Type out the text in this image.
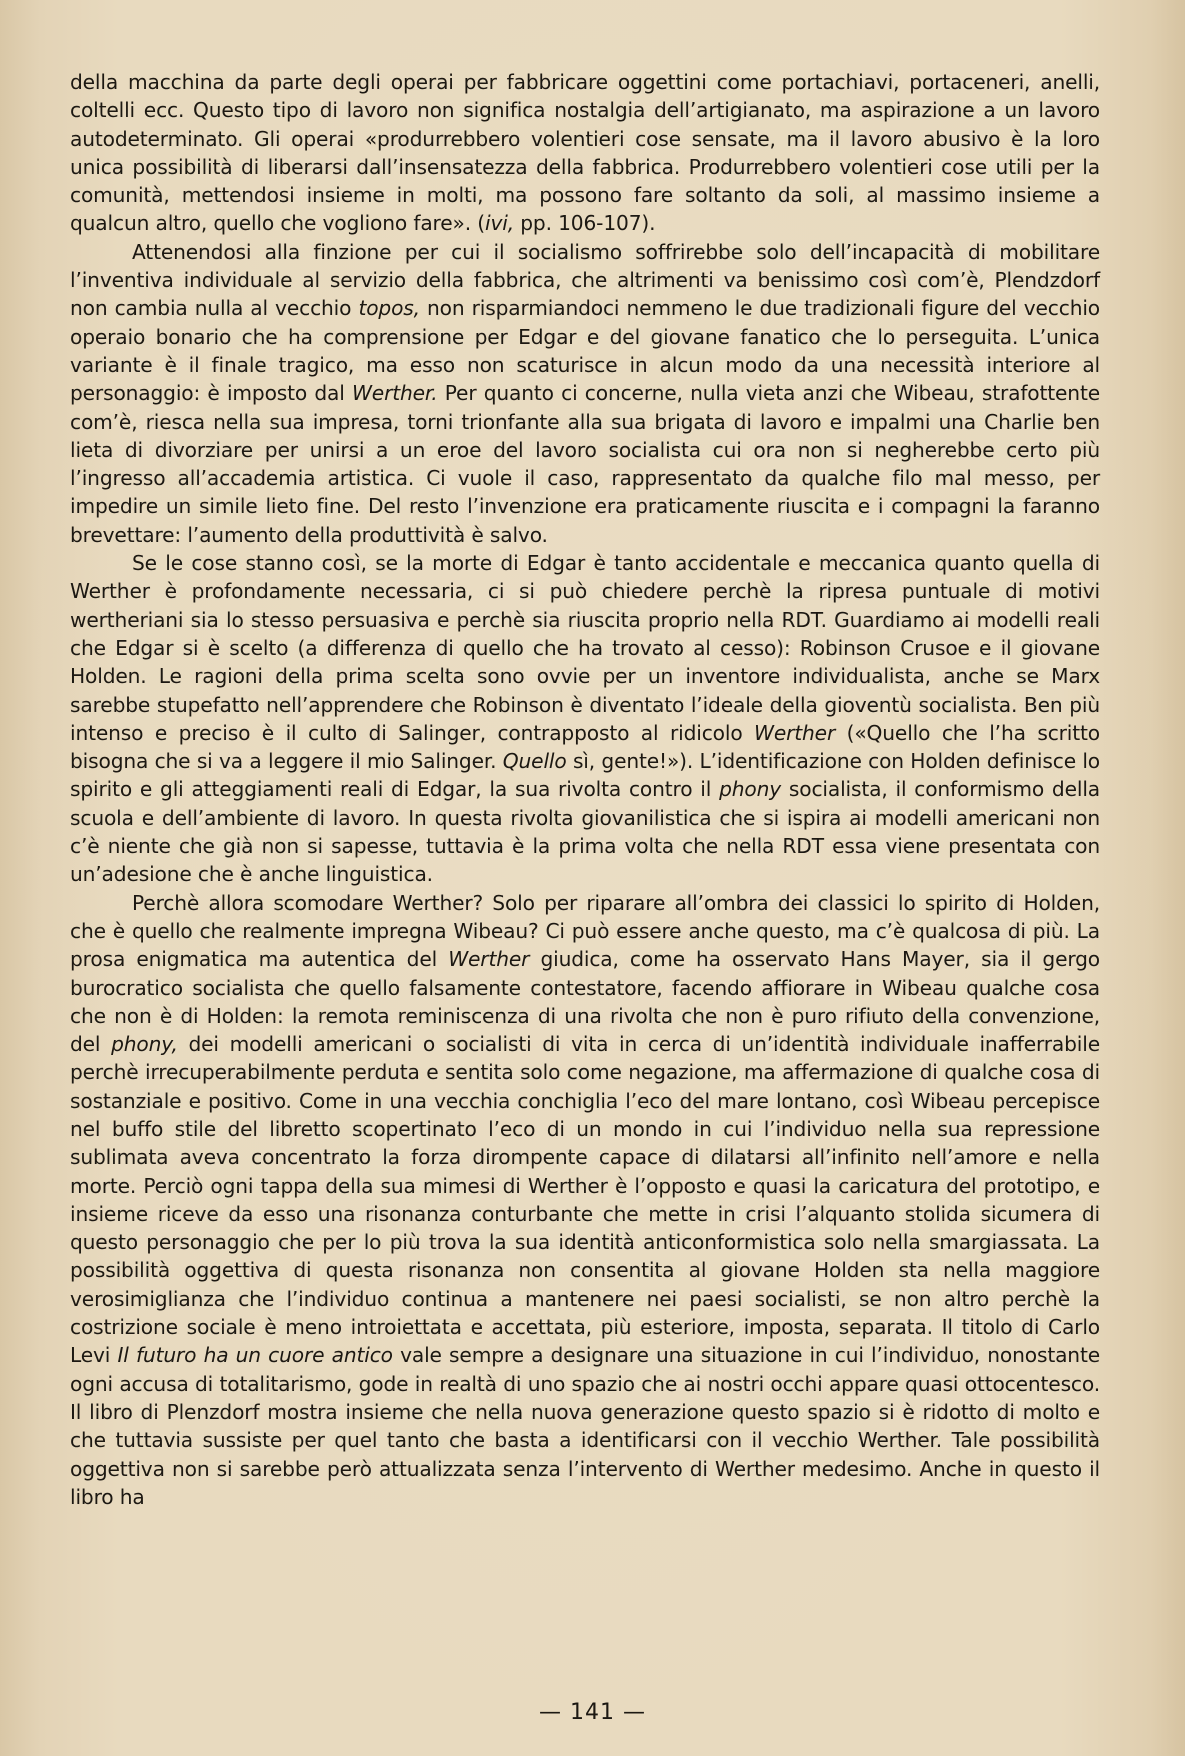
della macchina da parte degli operai per fabbricare oggettini come portachiavi, portaceneri, anelli, coltelli ecc. Questo tipo di lavoro non significa nostalgia dell’artigianato, ma aspirazione a un lavoro autodeterminato. Gli operai «produrrebbero volentieri cose sensate, ma il lavoro abusivo è la loro unica possibilità di liberarsi dall’insensatezza della fabbrica. Produrrebbero volentieri cose utili per la comunità, mettendosi insieme in molti, ma possono fare soltanto da soli, al massimo insieme a qualcun altro, quello che vogliono fare». (ivi, pp. 106-107).

Attenendosi alla finzione per cui il socialismo soffrirebbe solo dell’incapacità di mobilitare l’inventiva individuale al servizio della fabbrica, che altrimenti va benissimo così com’è, Plendzdorf non cambia nulla al vecchio topos, non risparmiandoci nemmeno le due tradizionali figure del vecchio operaio bonario che ha comprensione per Edgar e del giovane fanatico che lo perseguita. L’unica variante è il finale tragico, ma esso non scaturisce in alcun modo da una necessità interiore al personaggio: è imposto dal Werther. Per quanto ci concerne, nulla vieta anzi che Wibeau, strafottente com’è, riesca nella sua impresa, torni trionfante alla sua brigata di lavoro e impalmi una Charlie ben lieta di divorziare per unirsi a un eroe del lavoro socialista cui ora non si negherebbe certo più l’ingresso all’accademia artistica. Ci vuole il caso, rappresentato da qualche filo mal messo, per impedire un simile lieto fine. Del resto l’invenzione era praticamente riuscita e i compagni la faranno brevettare: l’aumento della produttività è salvo.

Se le cose stanno così, se la morte di Edgar è tanto accidentale e meccanica quanto quella di Werther è profondamente necessaria, ci si può chiedere perchè la ripresa puntuale di motivi wertheriani sia lo stesso persuasiva e perchè sia riuscita proprio nella RDT. Guardiamo ai modelli reali che Edgar si è scelto (a differenza di quello che ha trovato al cesso): Robinson Crusoe e il giovane Holden. Le ragioni della prima scelta sono ovvie per un inventore individualista, anche se Marx sarebbe stupefatto nell’apprendere che Robinson è diventato l’ideale della gioventù socialista. Ben più intenso e preciso è il culto di Salinger, contrapposto al ridicolo Werther («Quello che l’ha scritto bisogna che si va a leggere il mio Salinger. Quello sì, gente!»). L’identificazione con Holden definisce lo spirito e gli atteggiamenti reali di Edgar, la sua rivolta contro il phony socialista, il conformismo della scuola e dell’ambiente di lavoro. In questa rivolta giovanilistica che si ispira ai modelli americani non c’è niente che già non si sapesse, tuttavia è la prima volta che nella RDT essa viene presentata con un’adesione che è anche linguistica.

Perchè allora scomodare Werther? Solo per riparare all’ombra dei classici lo spirito di Holden, che è quello che realmente impregna Wibeau? Ci può essere anche questo, ma c’è qualcosa di più. La prosa enigmatica ma autentica del Werther giudica, come ha osservato Hans Mayer, sia il gergo burocratico socialista che quello falsamente contestatore, facendo affiorare in Wibeau qualche cosa che non è di Holden: la remota reminiscenza di una rivolta che non è puro rifiuto della convenzione, del phony, dei modelli americani o socialisti di vita in cerca di un’identità individuale inafferrabile perchè irrecuperabilmente perduta e sentita solo come negazione, ma affermazione di qualche cosa di sostanziale e positivo. Come in una vecchia conchiglia l’eco del mare lontano, così Wibeau percepisce nel buffo stile del libretto scopertinato l’eco di un mondo in cui l’individuo nella sua repressione sublimata aveva concentrato la forza dirompente capace di dilatarsi all’infinito nell’amore e nella morte. Perciò ogni tappa della sua mimesi di Werther è l’opposto e quasi la caricatura del prototipo, e insieme riceve da esso una risonanza conturbante che mette in crisi l’alquanto stolida sicumera di questo personaggio che per lo più trova la sua identità anticonformistica solo nella smargiassata. La possibilità oggettiva di questa risonanza non consentita al giovane Holden sta nella maggiore verosimiglianza che l’individuo continua a mantenere nei paesi socialisti, se non altro perchè la costrizione sociale è meno introiettata e accettata, più esteriore, imposta, separata. Il titolo di Carlo Levi Il futuro ha un cuore antico vale sempre a designare una situazione in cui l’individuo, nonostante ogni accusa di totalitarismo, gode in realtà di uno spazio che ai nostri occhi appare quasi ottocentesco. Il libro di Plenzdorf mostra insieme che nella nuova generazione questo spazio si è ridotto di molto e che tuttavia sussiste per quel tanto che basta a identificarsi con il vecchio Werther. Tale possibilità oggettiva non si sarebbe però attualizzata senza l’intervento di Werther medesimo. Anche in questo il libro ha

— 141 —
